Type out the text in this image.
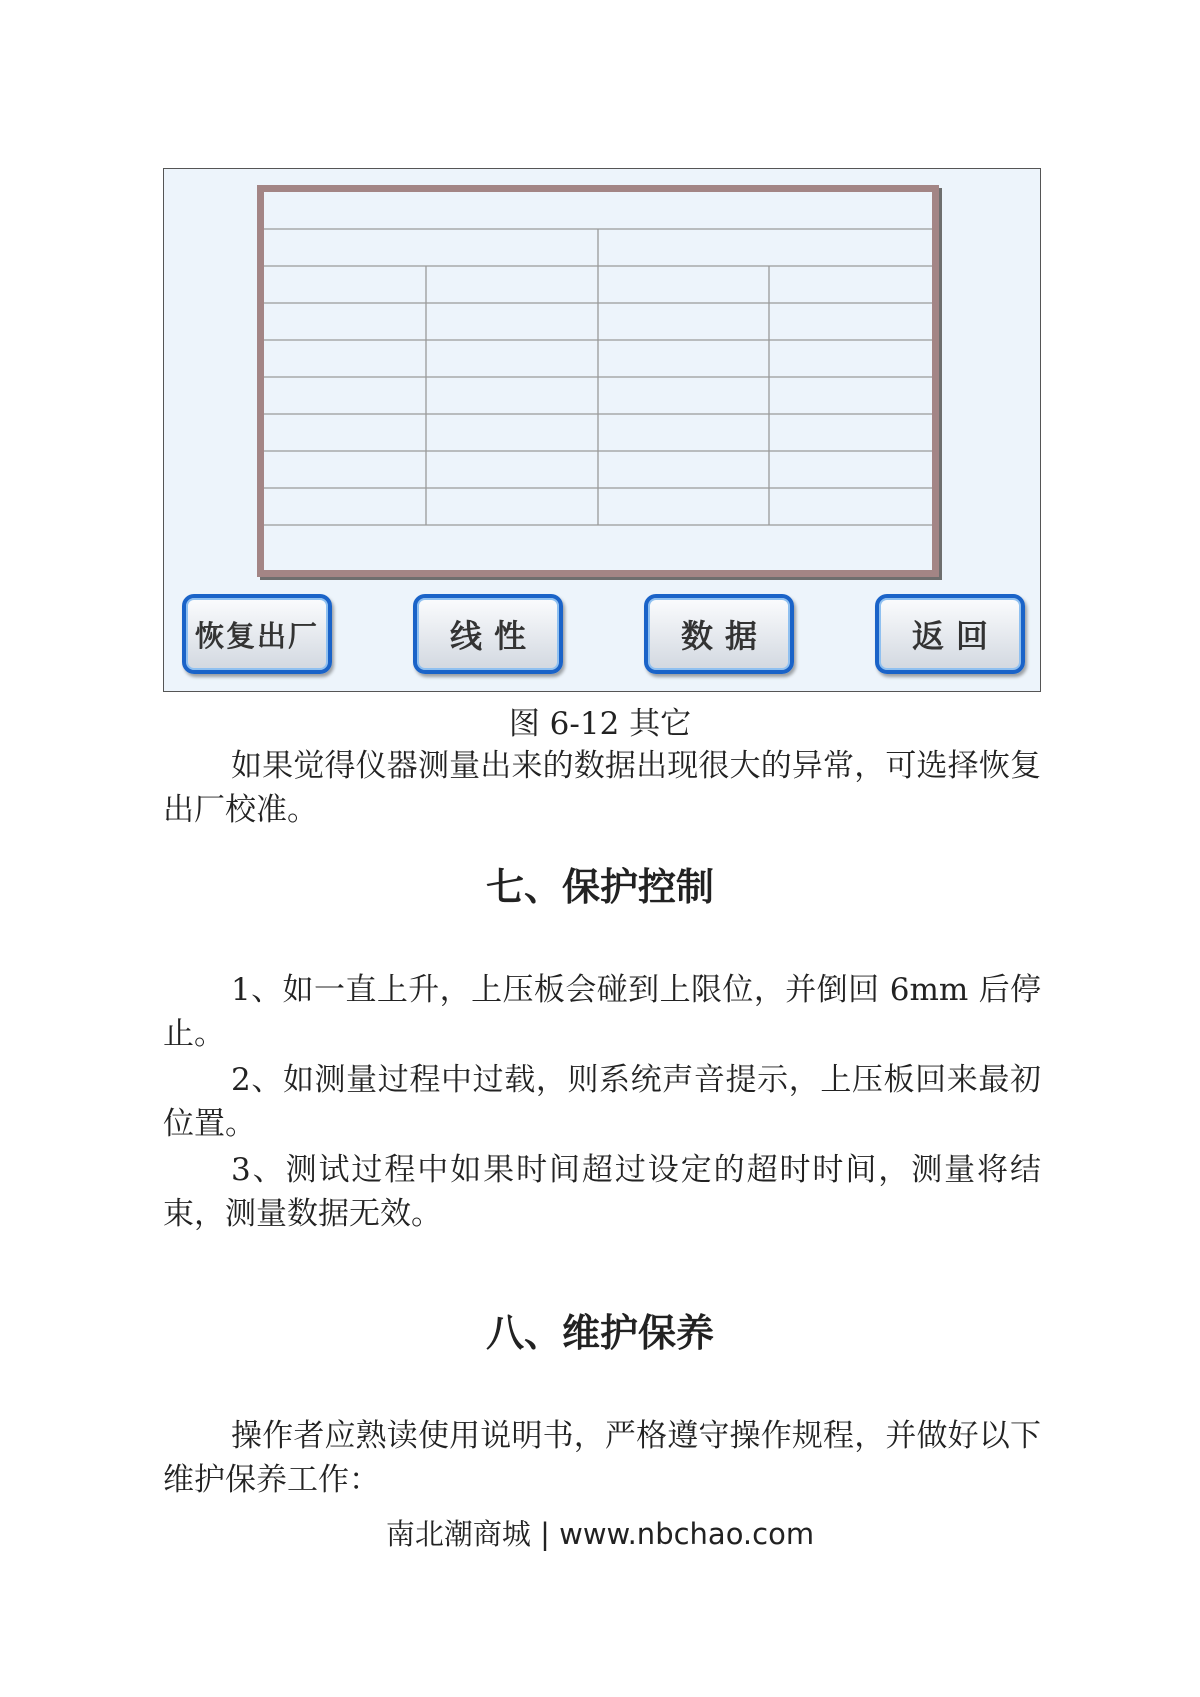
恢复出厂	线性	数据	返回
图 6-12 其它

如果觉得仪器测量出来的数据出现很大的异常，可选择恢复出厂校准。

七、保护控制

1、如一直上升，上压板会碰到上限位，并倒回 6mm 后停止。

2、如测量过程中过载，则系统声音提示，上压板回来最初位置。

3、测试过程中如果时间超过设定的超时时间，测量将结束，测量数据无效。

八、维护保养

操作者应熟读使用说明书，严格遵守操作规程，并做好以下维护保养工作：

南北潮商城 | www.nbchao.com
